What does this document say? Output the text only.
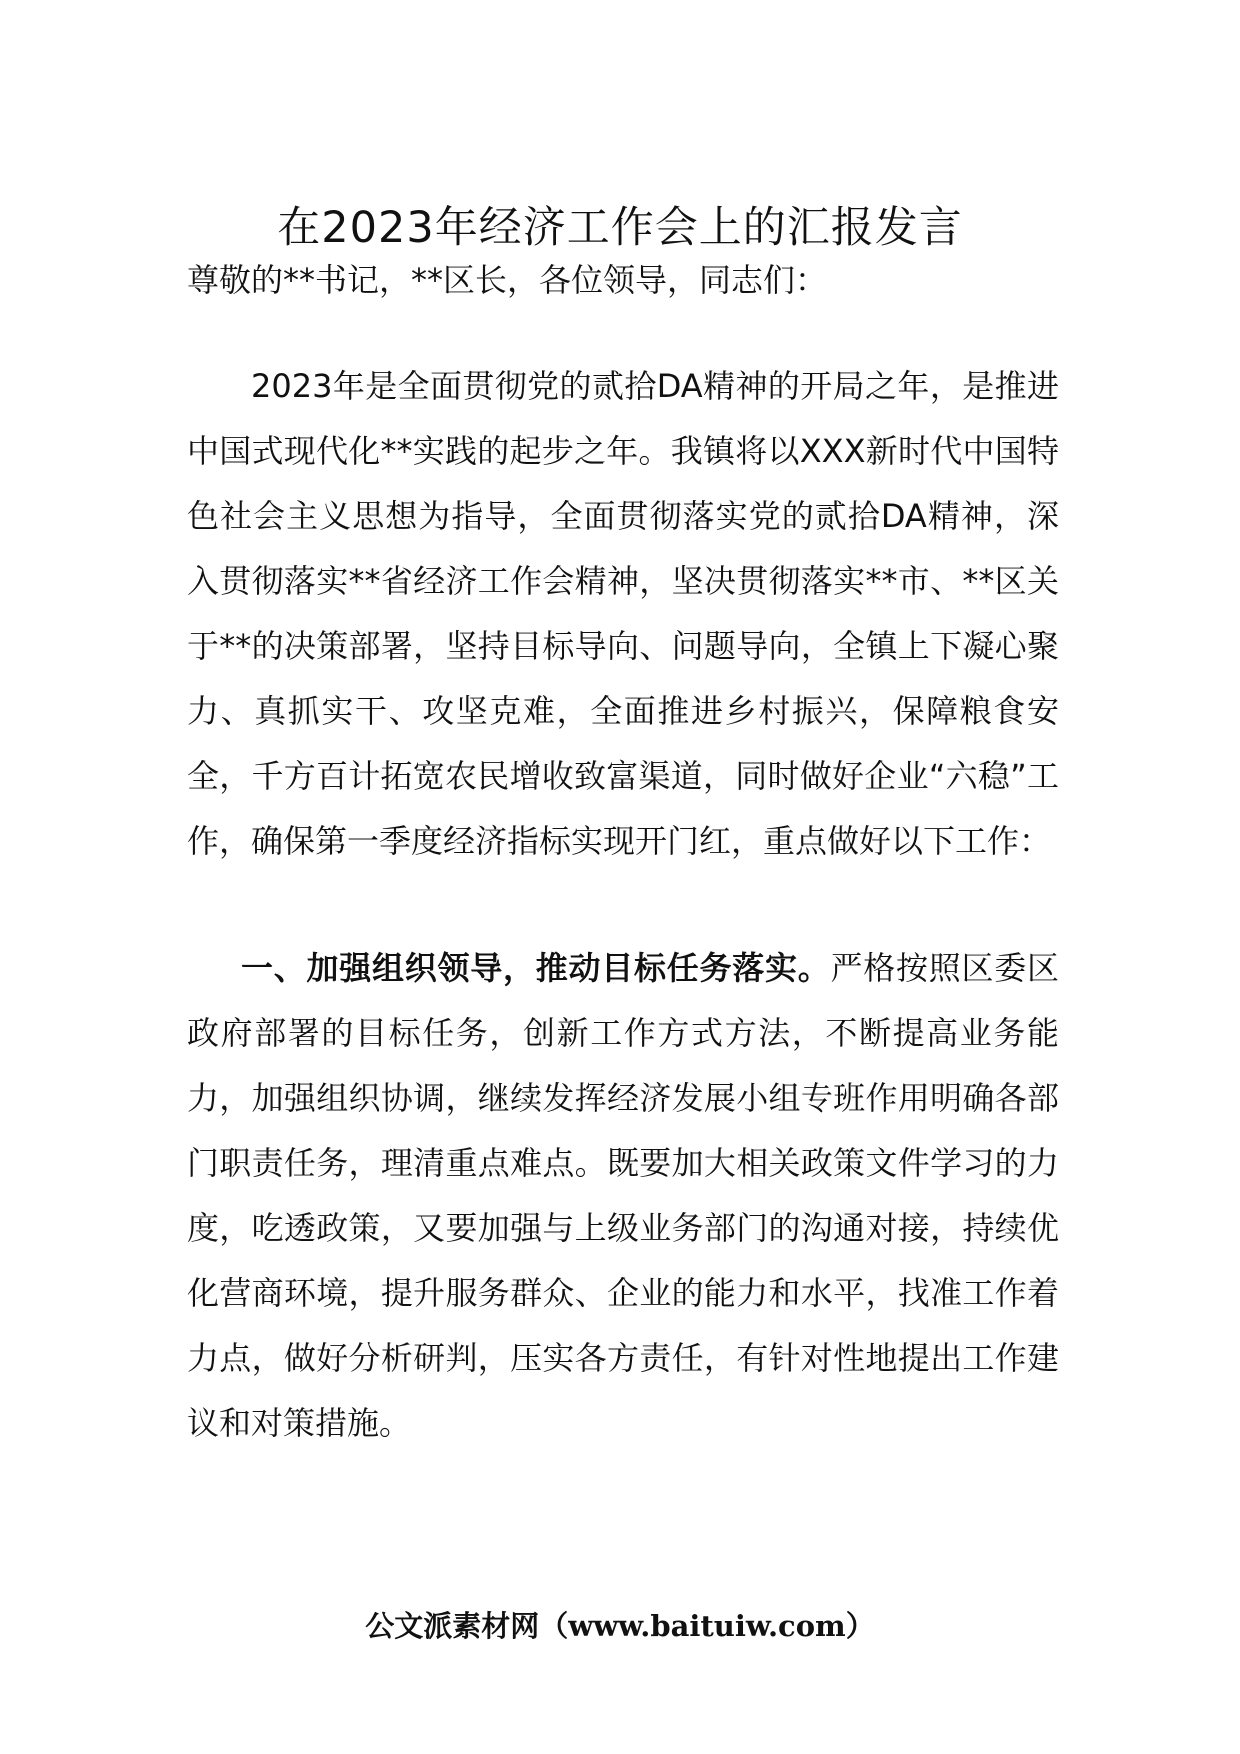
在2023年经济工作会上的汇报发言

尊敬的**书记，**区长，各位领导，同志们：

2023年是全面贯彻党的贰拾DA精神的开局之年，是推进中国式现代化**实践的起步之年。我镇将以XXX新时代中国特色社会主义思想为指导，全面贯彻落实党的贰拾DA精神，深入贯彻落实**省经济工作会精神，坚决贯彻落实**市、**区关于**的决策部署，坚持目标导向、问题导向，全镇上下凝心聚力、真抓实干、攻坚克难，全面推进乡村振兴，保障粮食安全，千方百计拓宽农民增收致富渠道，同时做好企业“六稳”工作，确保第一季度经济指标实现开门红，重点做好以下工作：

一、加强组织领导，推动目标任务落实。严格按照区委区政府部署的目标任务，创新工作方式方法，不断提高业务能力，加强组织协调，继续发挥经济发展小组专班作用明确各部门职责任务，理清重点难点。既要加大相关政策文件学习的力度，吃透政策，又要加强与上级业务部门的沟通对接，持续优化营商环境，提升服务群众、企业的能力和水平，找准工作着力点，做好分析研判，压实各方责任，有针对性地提出工作建议和对策措施。

公文派素材网（www.baituiw.com）
